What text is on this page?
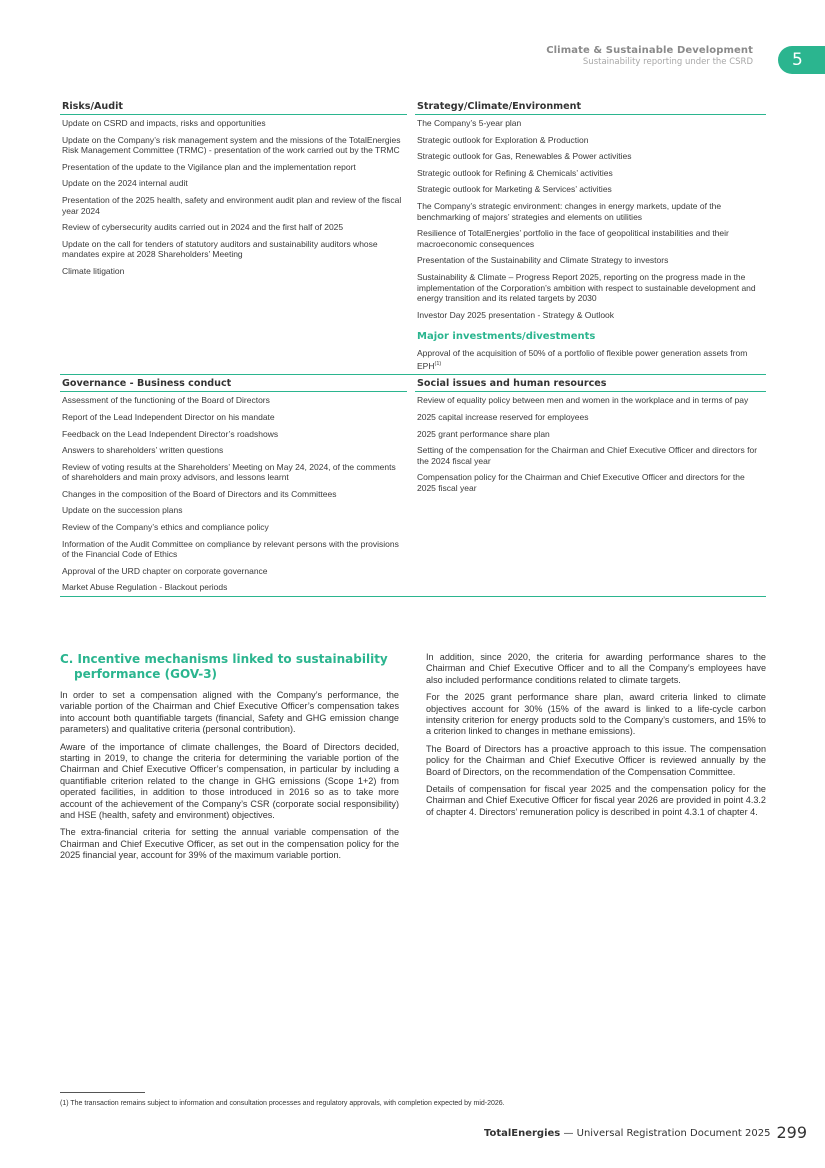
Climate & Sustainable Development
Sustainability reporting under the CSRD	5
Risks/Audit
Update on CSRD and impacts, risks and opportunities
Update on the Company’s risk management system and the missions of the TotalEnergies Risk Management Committee (TRMC) - presentation of the work carried out by the TRMC
Presentation of the update to the Vigilance plan and the implementation report
Update on the 2024 internal audit
Presentation of the 2025 health, safety and environment audit plan and review of the fiscal year 2024
Review of cybersecurity audits carried out in 2024 and the first half of 2025
Update on the call for tenders of statutory auditors and sustainability auditors whose mandates expire at 2028 Shareholders’ Meeting
Climate litigation
Strategy/Climate/Environment
The Company’s 5-year plan
Strategic outlook for Exploration & Production
Strategic outlook for Gas, Renewables & Power activities
Strategic outlook for Refining & Chemicals’ activities
Strategic outlook for Marketing & Services’ activities
The Company’s strategic environment: changes in energy markets, update of the benchmarking of majors’ strategies and elements on utilities
Resilience of TotalEnergies’ portfolio in the face of geopolitical instabilities and their macroeconomic consequences
Presentation of the Sustainability and Climate Strategy to investors
Sustainability & Climate – Progress Report 2025, reporting on the progress made in the implementation of the Corporation’s ambition with respect to sustainable development and energy transition and its related targets by 2030
Investor Day 2025 presentation - Strategy & Outlook
Major investments/divestments
Approval of the acquisition of 50% of a portfolio of flexible power generation assets from EPH$^{(1)}$
Governance - Business conduct
Assessment of the functioning of the Board of Directors
Report of the Lead Independent Director on his mandate
Feedback on the Lead Independent Director’s roadshows
Answers to shareholders’ written questions
Review of voting results at the Shareholders’ Meeting on May 24, 2024, of the comments of shareholders and main proxy advisors, and lessons learnt
Changes in the composition of the Board of Directors and its Committees
Update on the succession plans
Review of the Company’s ethics and compliance policy
Information of the Audit Committee on compliance by relevant persons with the provisions of the Financial Code of Ethics
Approval of the URD chapter on corporate governance
Market Abuse Regulation - Blackout periods
Social issues and human resources
Review of equality policy between men and women in the workplace and in terms of pay
2025 capital increase reserved for employees
2025 grant performance share plan
Setting of the compensation for the Chairman and Chief Executive Officer and directors for the 2024 fiscal year
Compensation policy for the Chairman and Chief Executive Officer and directors for the 2025 fiscal year
C. Incentive mechanisms linked to sustainability performance (GOV-3)

In order to set a compensation aligned with the Company’s performance, the variable portion of the Chairman and Chief Executive Officer’s compensation takes into account both quantifiable targets (financial, Safety and GHG emission change parameters) and qualitative criteria (personal contribution).

Aware of the importance of climate challenges, the Board of Directors decided, starting in 2019, to change the criteria for determining the variable portion of the Chairman and Chief Executive Officer’s compensation, in particular by including a quantifiable criterion related to the change in GHG emissions (Scope 1+2) from operated facilities, in addition to those introduced in 2016 so as to take more account of the achievement of the Company’s CSR (corporate social responsibility) and HSE (health, safety and environment) objectives.

The extra-financial criteria for setting the annual variable compensation of the Chairman and Chief Executive Officer, as set out in the compensation policy for the 2025 financial year, account for 39% of the maximum variable portion.

In addition, since 2020, the criteria for awarding performance shares to the Chairman and Chief Executive Officer and to all the Company’s employees have also included performance conditions related to climate targets.

For the 2025 grant performance share plan, award criteria linked to climate objectives account for 30% (15% of the award is linked to a life-cycle carbon intensity criterion for energy products sold to the Company’s customers, and 15% to a criterion linked to changes in methane emissions).

The Board of Directors has a proactive approach to this issue. The compensation policy for the Chairman and Chief Executive Officer is reviewed annually by the Board of Directors, on the recommendation of the Compensation Committee.

Details of compensation for fiscal year 2025 and the compensation policy for the Chairman and Chief Executive Officer for fiscal year 2026 are provided in point 4.3.2 of chapter 4. Directors’ remuneration policy is described in point 4.3.1 of chapter 4.

(1) The transaction remains subject to information and consultation processes and regulatory approvals, with completion expected by mid-2026.
TotalEnergies — Universal Registration Document 2025 299
